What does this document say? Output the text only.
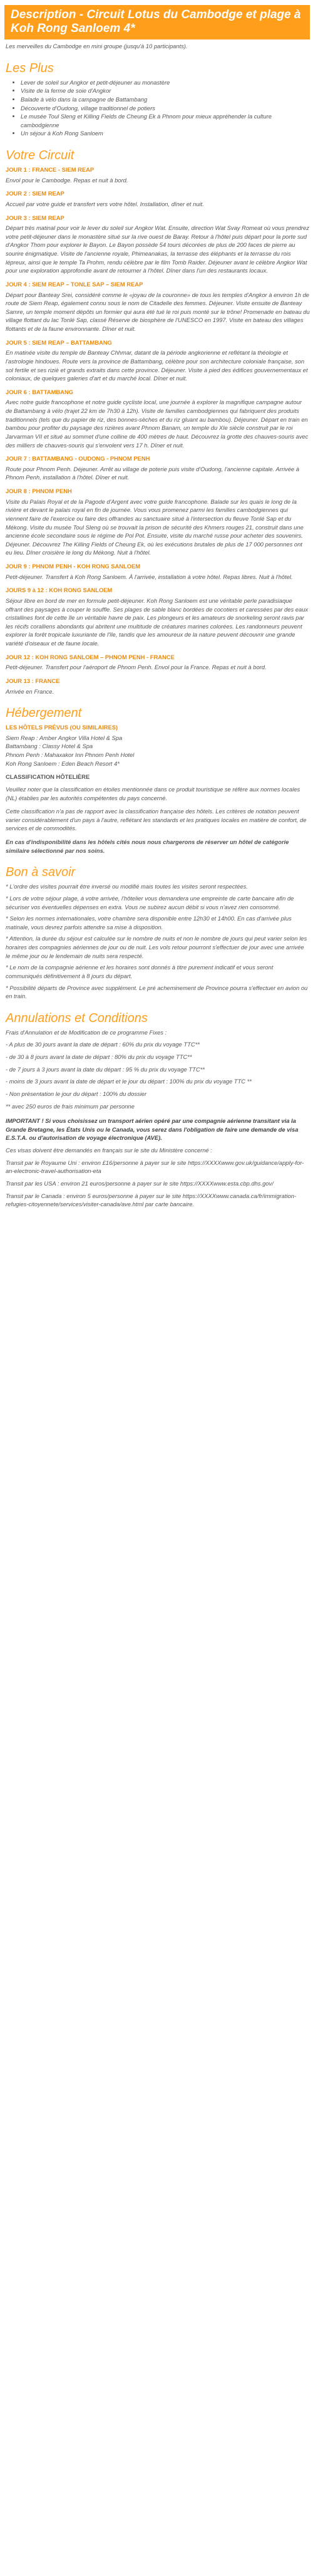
Description - Circuit Lotus du Cambodge et plage à Koh Rong Sanloem 4*

Les merveilles du Cambodge en mini groupe (jusqu'à 10 participants).

Les Plus
• Lever de soleil sur Angkor et petit-déjeuner au monastère
• Visite de la ferme de soie d'Angkor
• Balade à vélo dans la campagne de Battambang
• Découverte d'Oudong, village traditionnel de potiers
• Le musée Toul Sleng et Killing Fields de Cheung Ek à Phnom pour mieux appréhender la culture cambodgienne
• Un séjour à Koh Rong Sanloem
Votre Circuit
JOUR 1 : FRANCE - SIEM REAP

Envol pour le Cambodge. Repas et nuit à bord.

JOUR 2 : SIEM REAP

Accueil par votre guide et transfert vers votre hôtel. Installation, dîner et nuit.

JOUR 3 : SIEM REAP

Départ très matinal pour voir le lever du soleil sur Angkor Wat. Ensuite, direction Wat Svay Romeat où vous prendrez votre petit-déjeuner dans le monastère situé sur la rive ouest de Baray. Retour à l'hôtel puis départ pour la porte sud d'Angkor Thom pour explorer le Bayon. Le Bayon possède 54 tours décorées de plus de 200 faces de pierre au sourire énigmatique. Visite de l'ancienne royale, Phimeanakas, la terrasse des éléphants et la terrasse du rois lépreux, ainsi que le temple Ta Prohm, rendu célèbre par le film Tomb Raider. Déjeuner avant le célèbre Angkor Wat pour une exploration approfondie avant de retourner à l'hôtel. Dîner dans l'un des restaurants locaux.

JOUR 4 : SIEM REAP – TONLE SAP – SIEM REAP

Départ pour Banteay Srei, considéré comme le «joyau de la couronne» de tous les temples d'Angkor à environ 1h de route de Siem Reap, également connu sous le nom de Citadelle des femmes. Déjeuner. Visite ensuite de Banteay Samre, un temple moment dépôts un formier qui aura été tué le roi puis monté sur le trône! Promenade en bateau du village flottant du lac Tonlé Sap, classé Réserve de biosphère de l'UNESCO en 1997. Visite en bateau des villages flottants et de la faune environnante. Dîner et nuit.

JOUR 5 : SIEM REAP – BATTAMBANG

En matinée visite du temple de Banteay Chhmar, datant de la période angkorienne et reflétant la théologie et l'astrologie hindoues. Route vers la province de Battambang, célèbre pour son architecture coloniale française, son sol fertile et ses riziè et grands extraits dans cette province. Déjeuner. Visite à pied des édifices gouvernementaux et coloniaux, de quelques galeries d'art et du marché local. Dîner et nuit.

JOUR 6 : BATTAMBANG

Avec notre guide francophone et notre guide cycliste local, une journée à explorer la magnifique campagne autour de Battambang à vélo (trajet 22 km de 7h30 à 12h). Visite de familles cambodgiennes qui fabriquent des produits traditionnels (tels que du papier de riz, des bonnes-sèches et du riz gluant au bambou). Déjeuner. Départ en train en bambou pour profiter du paysage des rizières avant Phnom Banam, un temple du XIe siècle construit par le roi Jarvarman VII et situé au sommet d'une colline de 400 mètres de haut. Découvrez la grotte des chauves-souris avec des milliers de chauves-souris qui s'envolent vers 17 h. Dîner et nuit.

JOUR 7 : BATTAMBANG - OUDONG - PHNOM PENH

Route pour Phnom Penh. Déjeuner. Arrêt au village de poterie puis visite d'Oudong, l'ancienne capitale. Arrivée à Phnom Penh, installation à l'hôtel. Dîner et nuit.

JOUR 8 : PHNOM PENH

Visite du Palais Royal et de la Pagode d'Argent avec votre guide francophone. Balade sur les quais le long de la rivière et devant le palais royal en fin de journée. Vous vous promenez parmi les familles cambodgiennes qui viennent faire de l'exercice ou faire des offrandes au sanctuaire situé à l'intersection du fleuve Tonlé Sap et du Mékong. Visite du musée Toul Sleng où se trouvait la prison de sécurité des Khmers rouges 21, construit dans une ancienne école secondaire sous le régime de Pol Pot. Ensuite, visite du marché russe pour acheter des souvenirs. Déjeuner. Découvrez The Killing Fields of Cheung Ek, où les exécutions brutales de plus de 17 000 personnes ont eu lieu. Dîner croisière le long du Mékong. Nuit à l'hôtel.

JOUR 9 : PHNOM PENH - KOH RONG SANLOEM

Petit-déjeuner. Transfert à Koh Rong Sanloem. À l'arrivée, installation à votre hôtel. Repas libres. Nuit à l'hôtel.

JOURS 9 à 12 : KOH RONG SANLOEM

Séjour libre en bord de mer en formule petit-déjeuner. Koh Rong Sanloem est une véritable perle paradisiaque offrant des paysages à couper le souffle. Ses plages de sable blanc bordées de cocotiers et caressées par des eaux cristallines font de cette île un véritable havre de paix. Les plongeurs et les amateurs de snorkeling seront ravis par les récifs coralliens abondants qui abritent une multitude de créatures marines colorées. Les randonneurs peuvent explorer la forêt tropicale luxuriante de l'île, tandis que les amoureux de la nature peuvent découvrir une grande variété d'oiseaux et de faune locale.

JOUR 12 : KOH RONG SANLOEM – PHNOM PENH - FRANCE

Petit-déjeuner. Transfert pour l'aéroport de Phnom Penh. Envol pour la France. Repas et nuit à bord.

JOUR 13 : FRANCE

Arrivée en France.

Hébergement
LES HÔTELS PRÉVUS (OU SIMILAIRES)

Siem Reap : Amber Angkor Villa Hotel & Spa

Battambang : Classy Hotel & Spa

Phnom Penh : Mahaxakor Inn Phnom Penh Hotel

Koh Rong Sanloem : Eden Beach Resort 4*

CLASSIFICATION HÔTELIÈRE

Veuillez noter que la classification en étoiles mentionnée dans ce produit touristique se réfère aux normes locales (NL) établies par les autorités compétentes du pays concerné.

Cette classification n'a pas de rapport avec la classification française des hôtels. Les critères de notation peuvent varier considérablement d'un pays à l'autre, reflétant les standards et les pratiques locales en matière de confort, de services et de commodités.

En cas d'indisponibilité dans les hôtels cités nous nous chargerons de réserver un hôtel de catégorie similaire sélectionné par nos soins.

Bon à savoir

* L'ordre des visites pourrait être inversé ou modifié mais toutes les visites seront respectées.

* Lors de votre séjour plage, à votre arrivée, l'hôtelier vous demandera une empreinte de carte bancaire afin de sécuriser vos éventuelles dépenses en extra. Vous ne subirez aucun débit si vous n'avez rien consommé.

* Selon les normes internationales, votre chambre sera disponible entre 12h30 et 14h00. En cas d'arrivée plus matinale, vous devrez parfois attendre sa mise à disposition.

* Attention, la durée du séjour est calculée sur le nombre de nuits et non le nombre de jours qui peut varier selon les horaires des compagnies aériennes de jour ou de nuit. Les vols retour pourront s'effectuer de jour avec une arrivée le même jour ou le lendemain de nuits sera respecté.

* Le nom de la compagnie aérienne et les horaires sont donnés à titre purement indicatif et vous seront communiqués définitivement à 8 jours du départ.

* Possibilité départs de Province avec supplément. Le pré acheminement de Province pourra s'effectuer en avion ou en train.

Annulations et Conditions

Frais d'Annulation et de Modification de ce programme Fixes :

- A plus de 30 jours avant la date de départ : 60% du prix du voyage TTC**

- de 30 à 8 jours avant la date de départ : 80% du prix du voyage TTC**

- de 7 jours à 3 jours avant la date du départ : 95 % du prix du voyage TTC**

- moins de 3 jours avant la date de départ et le jour du départ : 100% du prix du voyage TTC **

- Non présentation le jour du départ : 100% du dossier

** avec 250 euros de frais minimum par personne

IMPORTANT ! Si vous choisissez un transport aérien opéré par une compagnie aérienne transitant via la Grande Bretagne, les États Unis ou le Canada, vous serez dans l'obligation de faire une demande de visa E.S.T.A. ou d'autorisation de voyage électronique (AVE).

Ces visas doivent être demandés en français sur le site du Ministère concerné :

Transit par le Royaume Uni : environ £16/personne à payer sur le site https://XXXXwww.gov.uk/guidance/apply-for-an-electronic-travel-authorisation-eta

Transit par les USA : environ 21 euros/personne à payer sur le site https://XXXXwww.esta.cbp.dhs.gov/

Transit par le Canada : environ 5 euros/personne à payer sur le site https://XXXXwww.canada.ca/fr/immigration-refugies-citoyennete/services/visiter-canada/ave.html par carte bancaire.
